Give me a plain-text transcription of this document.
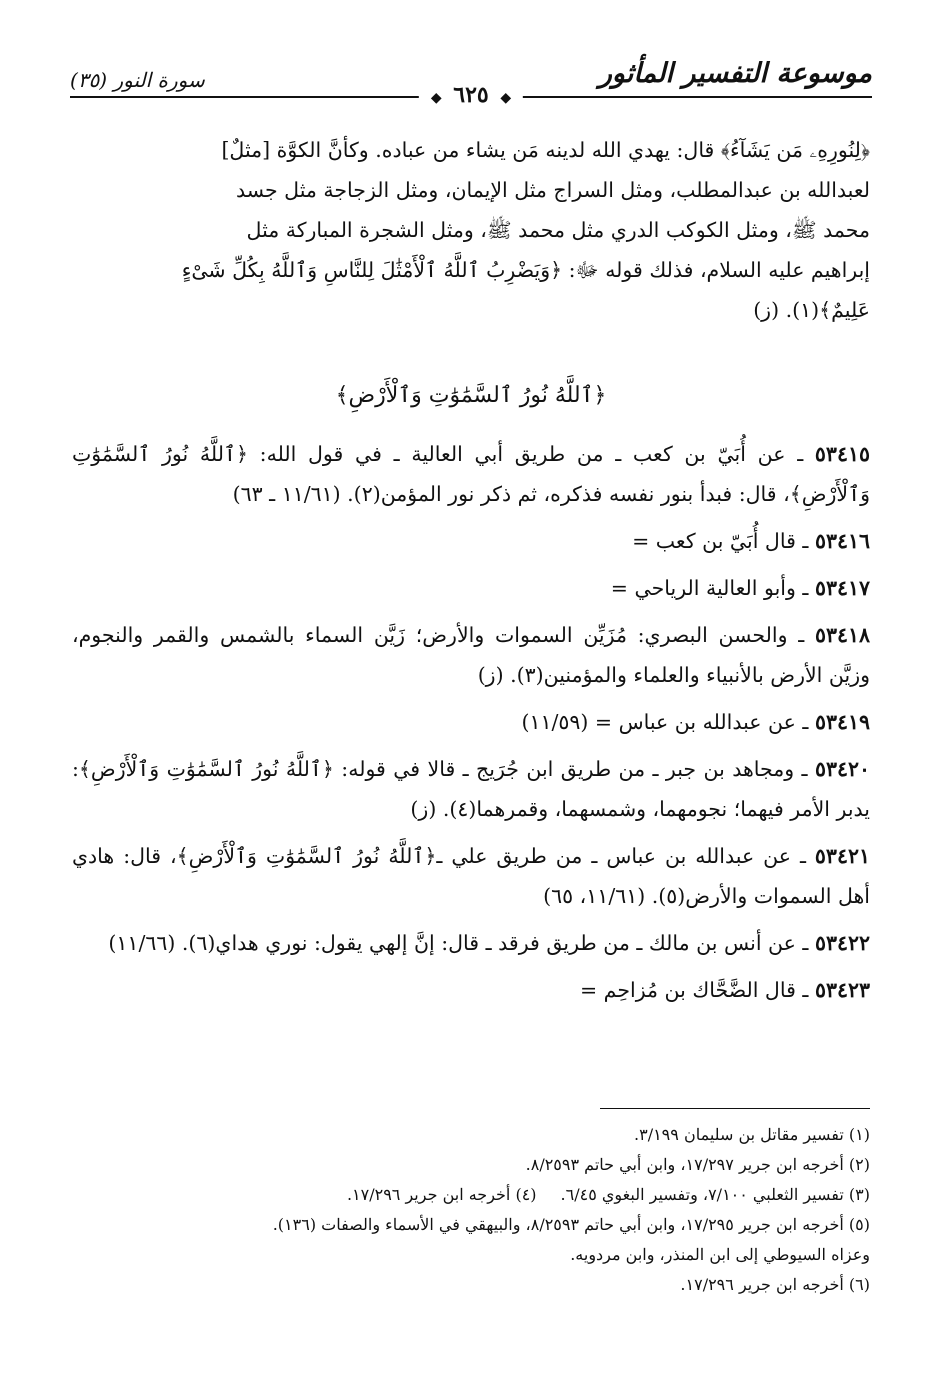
موسوعة التفسير المأثور
سورة النور (٣٥)
◆ ٦٢٥ ◆

﴿لِنُورِهِۦ مَن يَشَآءُ﴾ قال: يهدي الله لدينه مَن يشاء من عباده. وكأنَّ الكوَّة [مثلٌ]

لعبدالله بن عبدالمطلب، ومثل السراج مثل الإيمان، ومثل الزجاجة مثل جسد

محمد ﷺ، ومثل الكوكب الدري مثل محمد ﷺ، ومثل الشجرة المباركة مثل

إبراهيم عليه السلام، فذلك قوله ﷻ: ﴿وَيَضْرِبُ ٱللَّهُ ٱلْأَمْثَٰلَ لِلنَّاسِ وَٱللَّهُ بِكُلِّ شَىْءٍ

عَلِيمٌ﴾(١). (ز)

﴿ٱللَّهُ نُورُ ٱلسَّمَٰوَٰتِ وَٱلْأَرْضِ﴾

٥٣٤١٥ ـ عن أُبَيّ بن كعب ـ من طريق أبي العالية ـ في قول الله: ﴿ٱللَّهُ نُورُ ٱلسَّمَٰوَٰتِ وَٱلْأَرْضِ﴾، قال: فبدأ بنور نفسه فذكره، ثم ذكر نور المؤمن(٢). (١١/٦١ ـ ٦٣)

٥٣٤١٦ ـ قال أُبَيّ بن كعب =

٥٣٤١٧ ـ وأبو العالية الرياحي =

٥٣٤١٨ ـ والحسن البصري: مُزَيِّن السموات والأرض؛ زَيَّن السماء بالشمس والقمر والنجوم، وزيَّن الأرض بالأنبياء والعلماء والمؤمنين(٣). (ز)

٥٣٤١٩ ـ عن عبدالله بن عباس = (١١/٥٩)

٥٣٤٢٠ ـ ومجاهد بن جبر ـ من طريق ابن جُرَيج ـ قالا في قوله: ﴿ٱللَّهُ نُورُ ٱلسَّمَٰوَٰتِ وَٱلْأَرْضِ﴾: يدبر الأمر فيهما؛ نجومهما، وشمسهما، وقمرهما(٤). (ز)

٥٣٤٢١ ـ عن عبدالله بن عباس ـ من طريق علي ـ﴿ٱللَّهُ نُورُ ٱلسَّمَٰوَٰتِ وَٱلْأَرْضِ﴾، قال: هادي أهل السموات والأرض(٥). (١١/٦١، ٦٥)

٥٣٤٢٢ ـ عن أنس بن مالك ـ من طريق فرقد ـ قال: إنَّ إلهي يقول: نوري هداي(٦). (١١/٦٦)

٥٣٤٢٣ ـ قال الضَّحَّاك بن مُزاحِم =

(١) تفسير مقاتل بن سليمان ٣/١٩٩.

(٢) أخرجه ابن جرير ١٧/٢٩٧، وابن أبي حاتم ٨/٢٥٩٣.

(٣) تفسير الثعلبي ٧/١٠٠، وتفسير البغوي ٦/٤٥.(٤) أخرجه ابن جرير ١٧/٢٩٦.

(٥) أخرجه ابن جرير ١٧/٢٩٥، وابن أبي حاتم ٨/٢٥٩٣، والبيهقي في الأسماء والصفات (١٣٦).

وعزاه السيوطي إلى ابن المنذر، وابن مردويه.

(٦) أخرجه ابن جرير ١٧/٢٩٦.
